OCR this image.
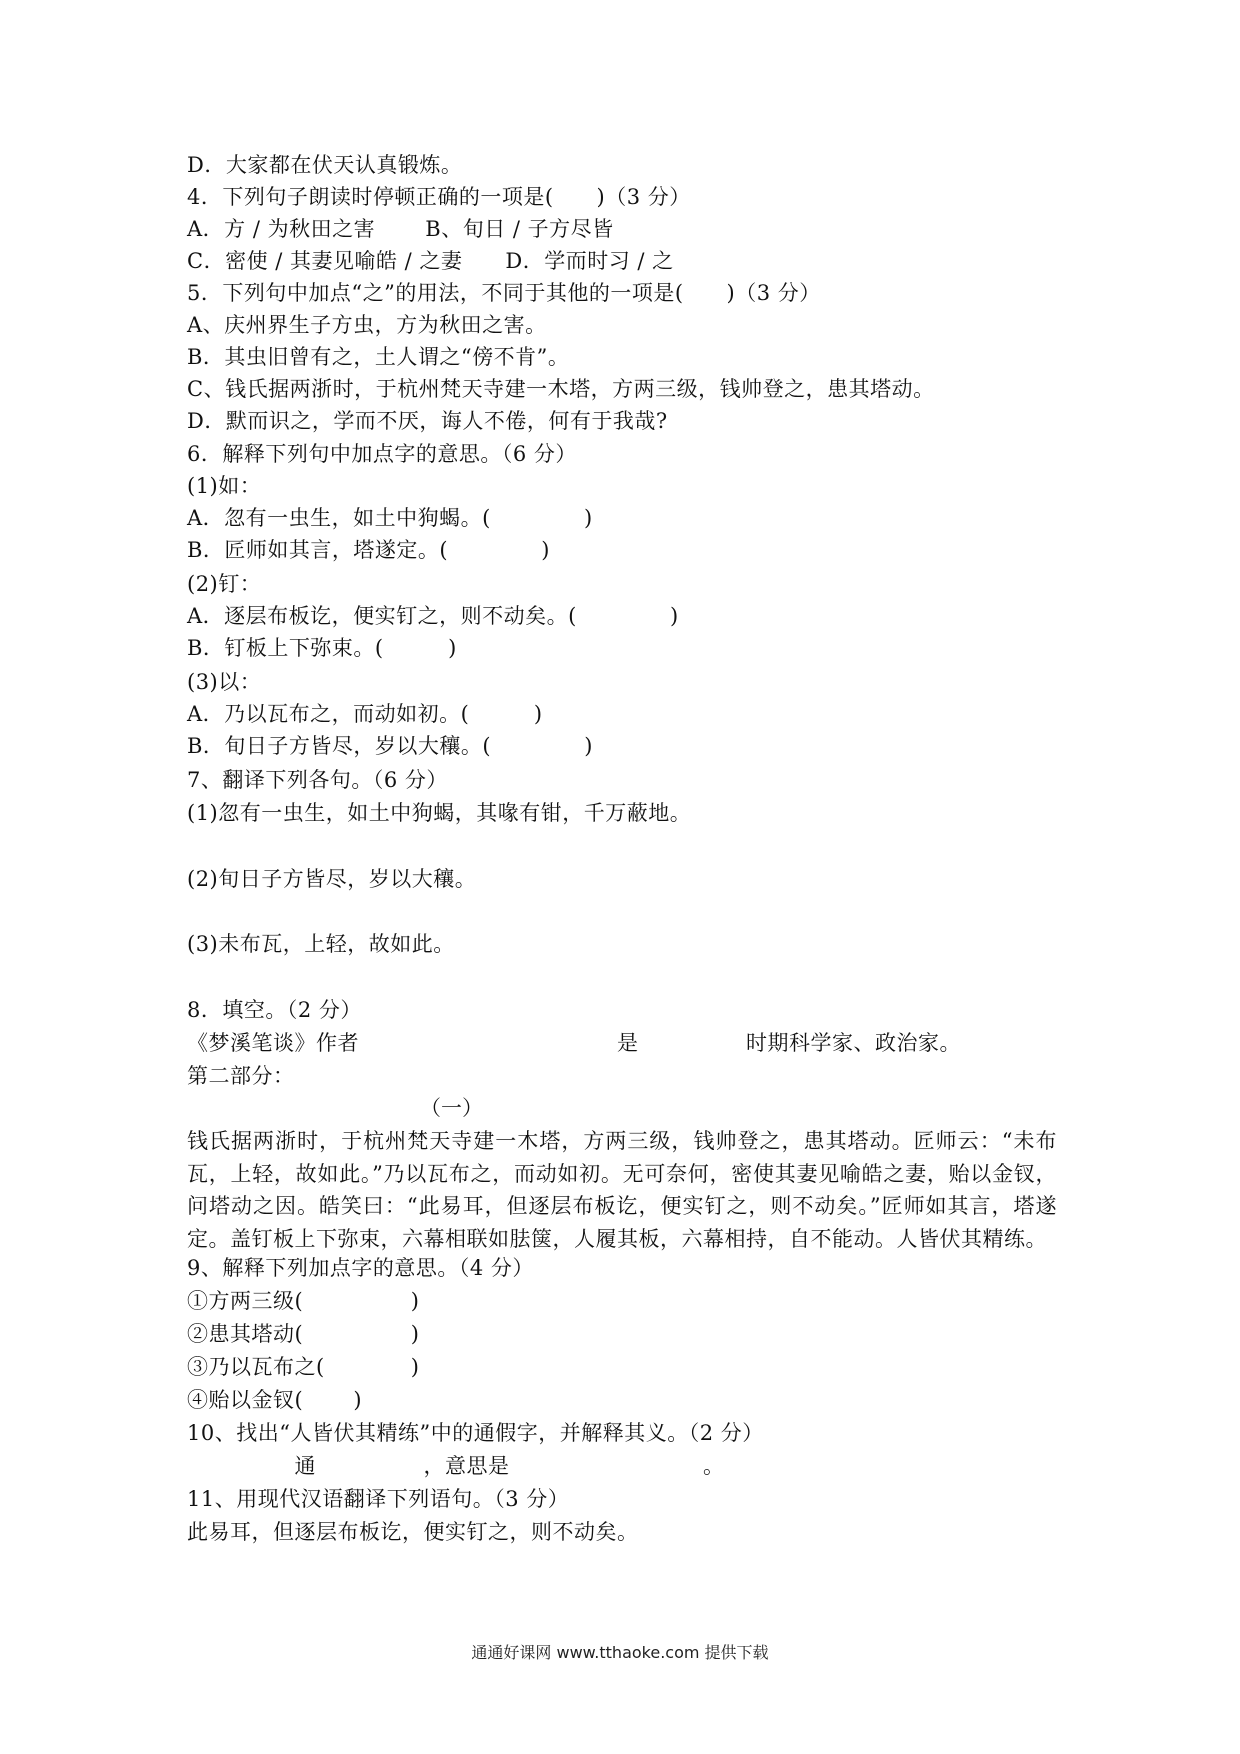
D．大家都在伏天认真锻炼。
4．下列句子朗读时停顿正确的一项是(　　)（3 分）
A．方 / 为秋田之害　　 B、旬日 / 子方尽皆
C．密使 / 其妻见喻皓 / 之妻　　D．学而时习 / 之
5．下列句中加点“之”的用法，不同于其他的一项是(　　)（3 分）
A、庆州界生子方虫，方为秋田之害。
B．其虫旧曾有之，土人谓之“傍不肯”。
C、钱氏据两浙时，于杭州梵天寺建一木塔，方两三级，钱帅登之，患其塔动。
D．默而识之，学而不厌，诲人不倦，何有于我哉?
6．解释下列句中加点字的意思。（6 分）
(1)如：
A．忽有一虫生，如土中狗蝎。(　　　　 )
B．匠师如其言，塔遂定。(　　　　 )
(2)钉：
A．逐层布板讫，便实钉之，则不动矣。(　　　　 )
B．钉板上下弥束。(　　　)
(3)以：
A．乃以瓦布之，而动如初。(　　　)
B．旬日子方皆尽，岁以大穰。(　　　　 )
7、翻译下列各句。（6 分）
(1)忽有一虫生，如土中狗蝎，其喙有钳，千万蔽地。
(2)旬日子方皆尽，岁以大穰。
(3)未布瓦，上轻，故如此。
8．填空。（2 分）
《梦溪笔谈》作者　　　　　　　　　　　　是　　　　　时期科学家、政治家。
第二部分：
（一）
钱氏据两浙时，于杭州梵天寺建一木塔，方两三级，钱帅登之，患其塔动。匠师云：“未布瓦，上轻，故如此。”乃以瓦布之，而动如初。无可奈何，密使其妻见喻皓之妻，贻以金钗，问塔动之因。皓笑曰：“此易耳，但逐层布板讫，便实钉之，则不动矣。”匠师如其言，塔遂定。盖钉板上下弥束，六幕相联如胠箧，人履其板，六幕相持，自不能动。人皆伏其精练。
9、解释下列加点字的意思。（4 分）
①方两三级(　　　　　)
②患其塔动(　　　　　)
③乃以瓦布之(　　　　)
④贻以金钗(　　 )
10、找出“人皆伏其精练”中的通假字，并解释其义。（2 分）
　　　　　通　　　　　，意思是　　　　　　　　　。
11、用现代汉语翻译下列语句。（3 分）
此易耳，但逐层布板讫，便实钉之，则不动矣。
通通好课网 www.tthaoke.com 提供下载
